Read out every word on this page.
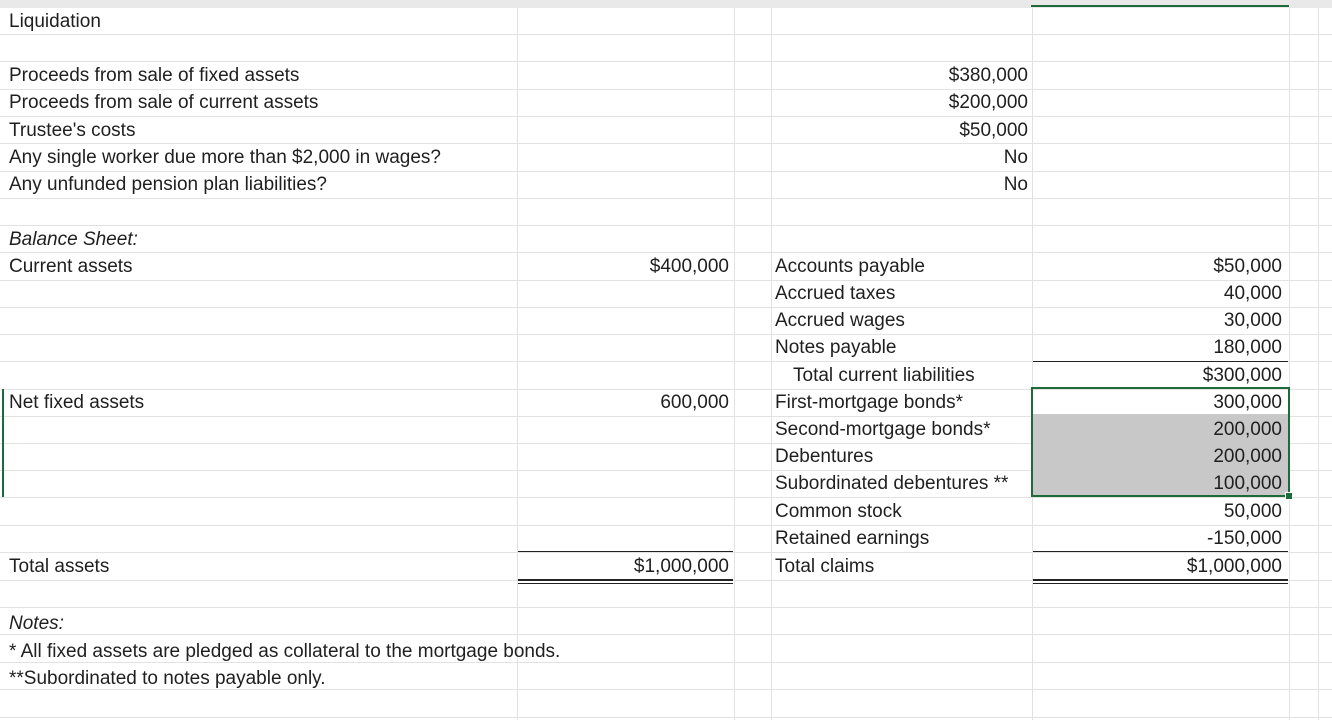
Liquidation
Proceeds from sale of fixed assets	$380,000
Proceeds from sale of current assets	$200,000
Trustee's costs	$50,000
Any single worker due more than $2,000 in wages?	No
Any unfunded pension plan liabilities?	No
Balance Sheet:
Current assets	$400,000
Net fixed assets	600,000
Total assets	$1,000,000
Accounts payable	$50,000
Accrued taxes	40,000
Accrued wages	30,000
Notes payable	180,000
Total current liabilities	$300,000
First-mortgage bonds*	300,000
Second-mortgage bonds*	200,000
Debentures	200,000
Subordinated debentures **	100,000
Common stock	50,000
Retained earnings	-150,000
Total claims	$1,000,000
Notes:
* All fixed assets are pledged as collateral to the mortgage bonds.
**Subordinated to notes payable only.
